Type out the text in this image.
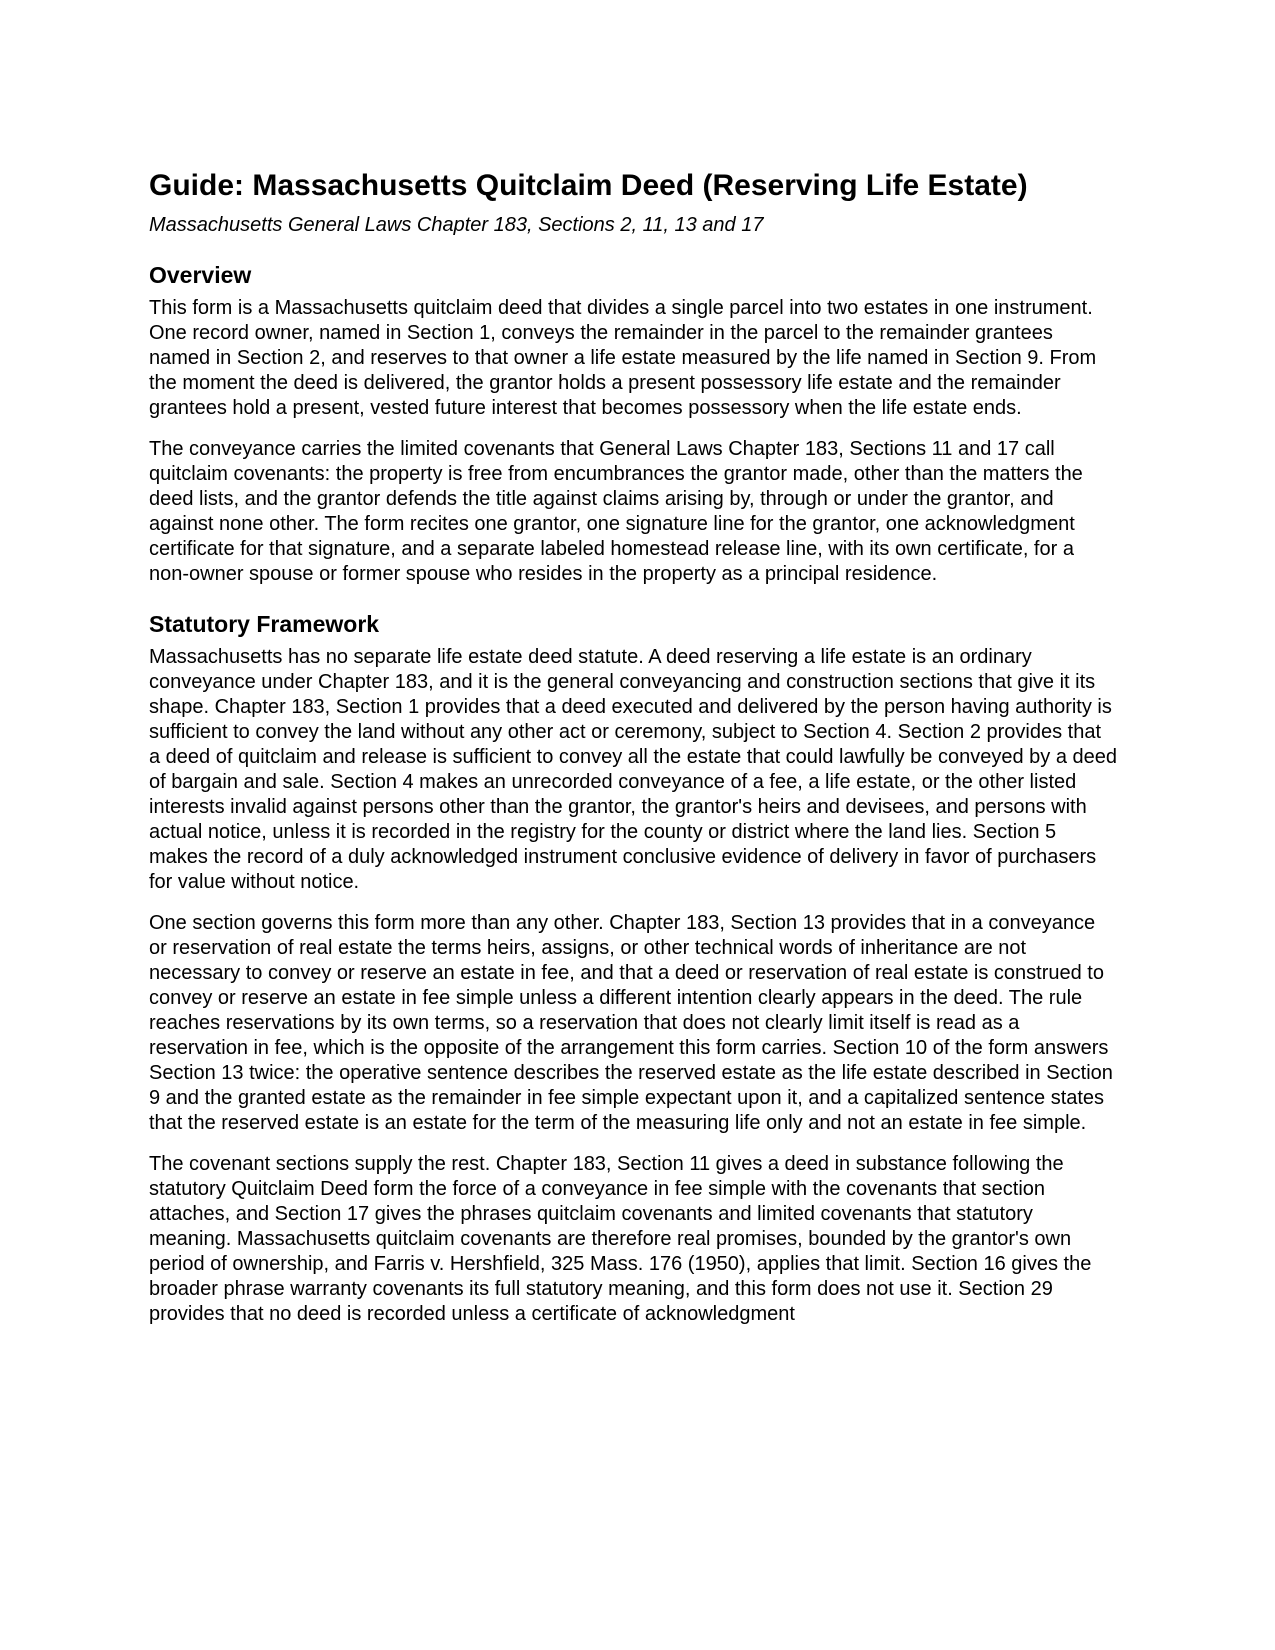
Guide: Massachusetts Quitclaim Deed (Reserving Life Estate)
Massachusetts General Laws Chapter 183, Sections 2, 11, 13 and 17
Overview

This form is a Massachusetts quitclaim deed that divides a single parcel into two estates in one instrument. One record owner, named in Section 1, conveys the remainder in the parcel to the remainder grantees named in Section 2, and reserves to that owner a life estate measured by the life named in Section 9. From the moment the deed is delivered, the grantor holds a present possessory life estate and the remainder grantees hold a present, vested future interest that becomes possessory when the life estate ends.

The conveyance carries the limited covenants that General Laws Chapter 183, Sections 11 and 17 call quitclaim covenants: the property is free from encumbrances the grantor made, other than the matters the deed lists, and the grantor defends the title against claims arising by, through or under the grantor, and against none other. The form recites one grantor, one signature line for the grantor, one acknowledgment certificate for that signature, and a separate labeled homestead release line, with its own certificate, for a non-owner spouse or former spouse who resides in the property as a principal residence.

Statutory Framework

Massachusetts has no separate life estate deed statute. A deed reserving a life estate is an ordinary conveyance under Chapter 183, and it is the general conveyancing and construction sections that give it its shape. Chapter 183, Section 1 provides that a deed executed and delivered by the person having authority is sufficient to convey the land without any other act or ceremony, subject to Section 4. Section 2 provides that a deed of quitclaim and release is sufficient to convey all the estate that could lawfully be conveyed by a deed of bargain and sale. Section 4 makes an unrecorded conveyance of a fee, a life estate, or the other listed interests invalid against persons other than the grantor, the grantor's heirs and devisees, and persons with actual notice, unless it is recorded in the registry for the county or district where the land lies. Section 5 makes the record of a duly acknowledged instrument conclusive evidence of delivery in favor of purchasers for value without notice.

One section governs this form more than any other. Chapter 183, Section 13 provides that in a conveyance or reservation of real estate the terms heirs, assigns, or other technical words of inheritance are not necessary to convey or reserve an estate in fee, and that a deed or reservation of real estate is construed to convey or reserve an estate in fee simple unless a different intention clearly appears in the deed. The rule reaches reservations by its own terms, so a reservation that does not clearly limit itself is read as a reservation in fee, which is the opposite of the arrangement this form carries. Section 10 of the form answers Section 13 twice: the operative sentence describes the reserved estate as the life estate described in Section 9 and the granted estate as the remainder in fee simple expectant upon it, and a capitalized sentence states that the reserved estate is an estate for the term of the measuring life only and not an estate in fee simple.

The covenant sections supply the rest. Chapter 183, Section 11 gives a deed in substance following the statutory Quitclaim Deed form the force of a conveyance in fee simple with the covenants that section attaches, and Section 17 gives the phrases quitclaim covenants and limited covenants that statutory meaning. Massachusetts quitclaim covenants are therefore real promises, bounded by the grantor's own period of ownership, and Farris v. Hershfield, 325 Mass. 176 (1950), applies that limit. Section 16 gives the broader phrase warranty covenants its full statutory meaning, and this form does not use it. Section 29 provides that no deed is recorded unless a certificate of acknowledgment
